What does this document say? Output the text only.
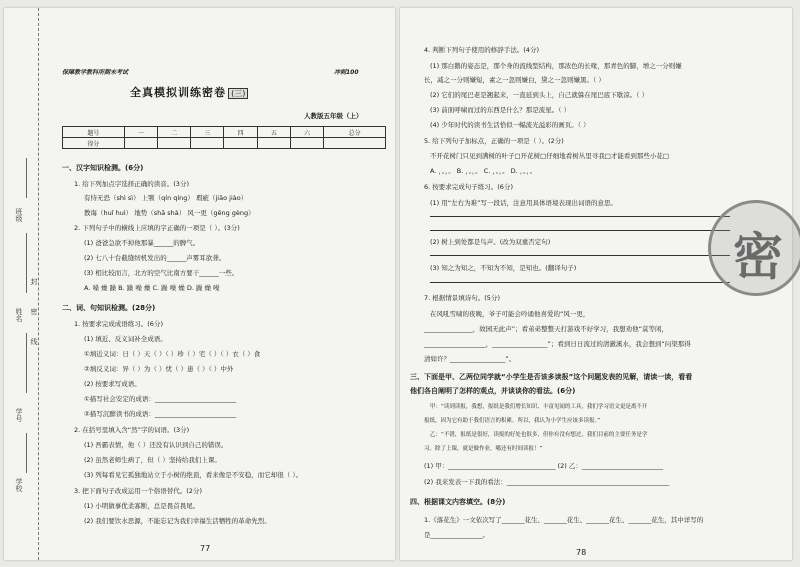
班级
姓名
学号
学校
封
密
线
保障教学教科所期末考试	冲刺100
全真模拟训练密卷 (三)
人教版五年级（上）
题号	一	二	三	四	五	六	总分
得分							
一、汉字知识检测。(6分)
1. 给下列加点字选择正确的读音。(3分)
有恃无恐（shì sì） 上颚（qín qíng） 瑕疵（jiāo jiào）
教诲（huǐ huì） 地势（shā shà） 风一更（gēng gèng）
2. 下列句子中的横线上应填的字正确的一项是（ ）。(3分)
(1) 爸爸急欲不掉他那暴______的脾气。
(2) 七八十台截缝纫机发出的______声雾耳欲聋。
(3) 相比较而言，北方的空气比南方要干______一些。
A. 嗓 燥 躁 B. 躁 噪 燥 C. 躁 噪 燥 D. 躁 燥 噪
二、词、句知识检测。(28分)
1. 按要求完成成语练习。(6分)
(1) 填近、反义词补全成语。
①填近义词：日（ ）天（ ）（ ）珍（ ）宅（ ）（ ）衣（ ）食
②填反义词：异（ ）为（ ）忧（ ）患（ ）（ ）中外
(2) 按要求写成语。
①描写社会安定的成语：_________________________
②描写沉醉读书的成语：_________________________
2. 在括号里填入含“然”字的词语。(3分)
(1) 吾霸表情，他（ ）还没有认识到自己的错误。
(2) 虽然老师生病了，但（ ）坚持给我们上课。
(3) 列每看见它孤独地站立于小树的绝顶，看来像是不安稳，而它却很（ ）。
3. 把下面句子改成运用一个俗语替代。(2分)
(1) 小明做事优柔寡断，总是畏首畏尾。
(2) 我们要饮水思源，不能忘记为我们幸福生活牺牲的革命先烈。
77
4. 判断下列句子使用的修辞手法。(4分)
(1) 那白鹅的姿态是，那个身的流线型结构，那浓色的长喙，那青色的脚，增之一分则嫌
长，减之一分则嫌短，素之一忽则嫌白，黛之一忽则嫌黑。（ ）
(2) 它们的尾巴老是翘起来，一直延到头上，自己就躲在尾巴底下歇凉。（ ）
(3) 前面呼啸而过的东西是什么？那是流星。（ ）
(4) 少年时代的读书生活恰似一幅流光溢彩的画页。（ ）
5. 给下列句子加标点，正确的一项是（ ）。(2分)
不开花树门只见到满树的叶子□开花树□仔细地看树丛里寻我□才能看到那些小花□
A. ，。，。 B. ，。，。 C. ，。，。 D. ，。，。
6. 按要求完成句子练习。(6分)
(1) 用“左右为难”写一段话，注意用具体语境表现出词语的意思。
(2) 树上到处都是鸟声。(改为双重否定句)
(3) 知之为知之，不知为不知，是知也。(翻译句子)
7. 根据情景填诗句。(5分)
在风吼雪啸的夜晚，爷子可能会吟诵他喜爱的“风一更，
_______________，故园无此声”；看弟弟整整天打游戏不好学习，我想劝他“莫等闲，
___________________，_________________”；看到日日流过的清澈溪水，我会想到“问渠那得
清如许？_________________”。
三、下面是甲、乙两位同学就“小学生是否该多读报”这个问题发表的见解，请读一读，看看
他们各自阐明了怎样的观点，并谈谈你的看法。(6分)
甲：“读到读报，我想，报纸是我们增长知识、丰富见闻的工具，我们学习语文更是离不开
报纸，因为它有助于我们语言的积累。所以，我认为小学生应该多读报。”
乙：“不错，报纸是很好，读报的好处也很多，但你有没有想过，我们目前的主要任务是学
习。除了上课，就是做作业，哪还有时间读报！”
(1) 甲：_________________________________ (2) 乙：_________________________
(2) 我来发表一下我的看法：__________________________________________________
四、根据课文内容填空。(8分)
1.《落花生》一文依次写了_______花生、_______花生、_______花生、_______花生，其中详写的
是________________。
78
密
